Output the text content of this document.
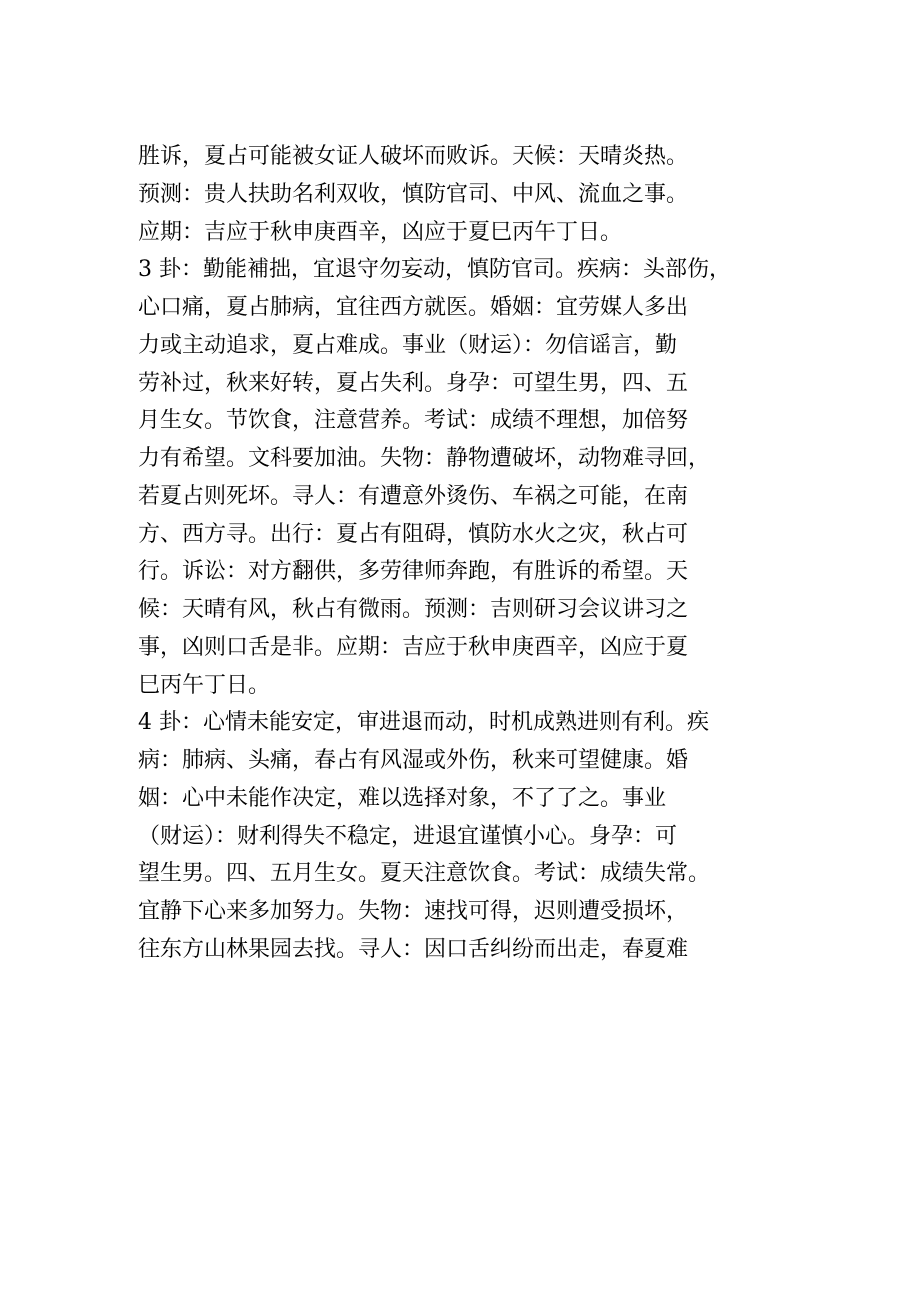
胜诉，夏占可能被女证人破坏而败诉。天候：天晴炎热。
预测：贵人扶助名利双收，慎防官司、中风、流血之事。
应期：吉应于秋申庚酉辛，凶应于夏巳丙午丁日。
3 卦：勤能補拙，宜退守勿妄动，慎防官司。疾病：头部伤，
心口痛，夏占肺病，宜往西方就医。婚姻：宜劳媒人多出
力或主动追求，夏占难成。事业（财运）：勿信谣言，勤
劳补过，秋来好转，夏占失利。身孕：可望生男，四、五
月生女。节饮食，注意营养。考试：成绩不理想，加倍努
力有希望。文科要加油。失物：静物遭破坏，动物难寻回，
若夏占则死坏。寻人：有遭意外烫伤、车祸之可能，在南
方、西方寻。出行：夏占有阻碍，慎防水火之灾，秋占可
行。诉讼：对方翻供，多劳律师奔跑，有胜诉的希望。天
候：天晴有风，秋占有微雨。预测：吉则研习会议讲习之
事，凶则口舌是非。应期：吉应于秋申庚酉辛，凶应于夏
巳丙午丁日。
4 卦：心情未能安定，审进退而动，时机成熟进则有利。疾
病：肺病、头痛，春占有风湿或外伤，秋来可望健康。婚
姻：心中未能作决定，难以选择对象，不了了之。事业
（财运）：财利得失不稳定，进退宜谨慎小心。身孕：可
望生男。四、五月生女。夏天注意饮食。考试：成绩失常。
宜静下心来多加努力。失物：速找可得，迟则遭受损坏，
往东方山林果园去找。寻人：因口舌纠纷而出走，春夏难
